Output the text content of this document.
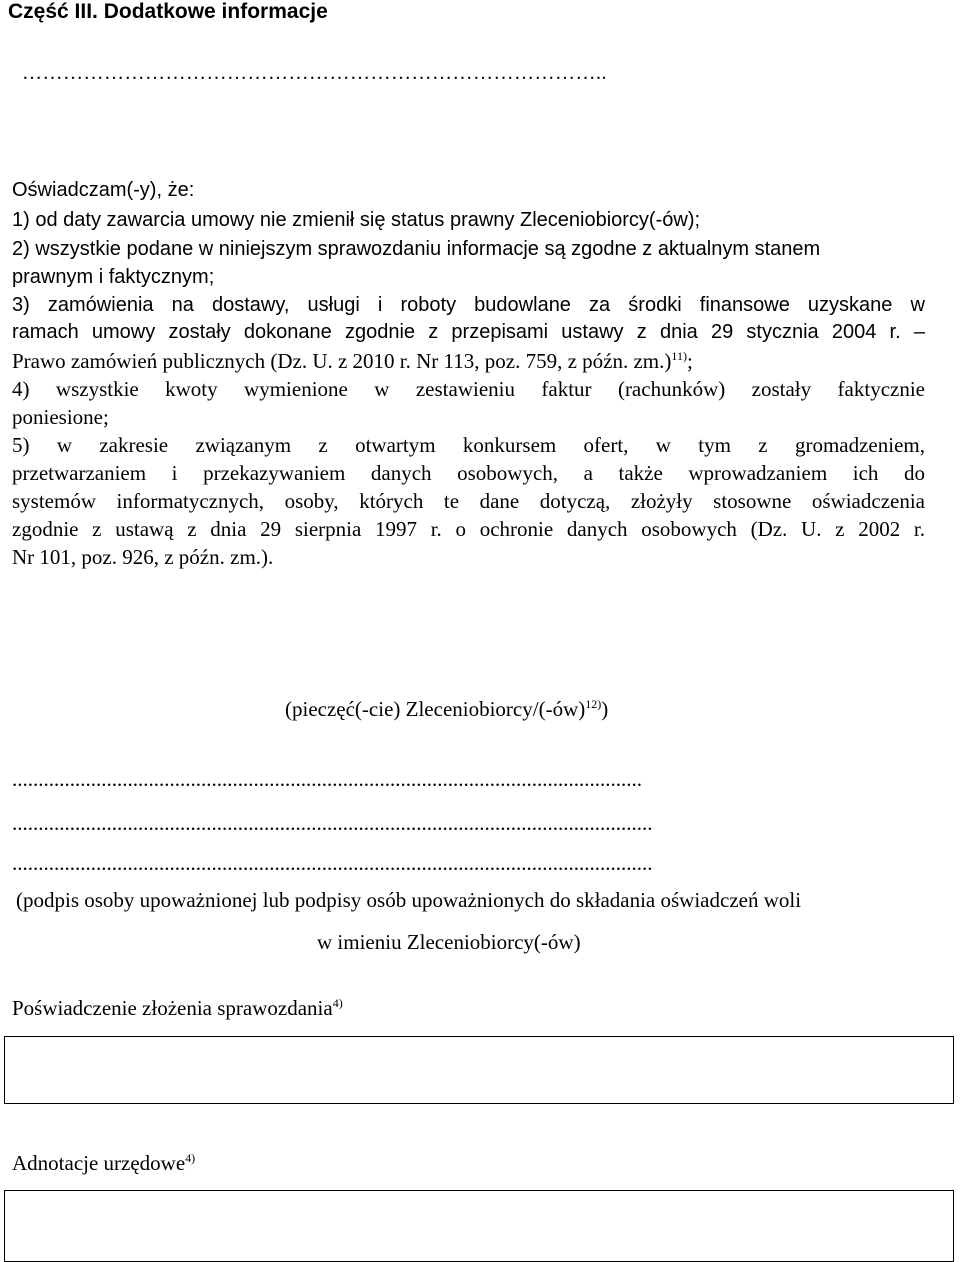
Część III. Dodatkowe informacje
…………………………………………………………………………..
Oświadczam(-y), że:
1) od daty zawarcia umowy nie zmienił się status prawny Zleceniobiorcy(-ów);
2) wszystkie podane w niniejszym sprawozdaniu informacje są zgodne z aktualnym stanem
prawnym i faktycznym;
3) zamówienia na dostawy, usługi i roboty budowlane za środki finansowe uzyskane w
ramach umowy zostały dokonane zgodnie z przepisami ustawy z dnia 29 stycznia 2004 r. –
Prawo zamówień publicznych (Dz. U. z 2010 r. Nr 113, poz. 759, z późn. zm.)$^{11)}$;
4) wszystkie kwoty wymienione w zestawieniu faktur (rachunków) zostały faktycznie
poniesione;
5) w zakresie związanym z otwartym konkursem ofert, w tym z gromadzeniem,
przetwarzaniem i przekazywaniem danych osobowych, a także wprowadzaniem ich do
systemów informatycznych, osoby, których te dane dotyczą, złożyły stosowne oświadczenia
zgodnie z ustawą z dnia 29 sierpnia 1997 r. o ochronie danych osobowych (Dz. U. z 2002 r.
Nr 101, poz. 926, z późn. zm.).
(pieczęć(-cie) Zleceniobiorcy/(-ów)$^{12)}$)
........................................................................................................................
..........................................................................................................................
..........................................................................................................................
(podpis osoby upoważnionej lub podpisy osób upoważnionych do składania oświadczeń woli
w imieniu Zleceniobiorcy(-ów)
Poświadczenie złożenia sprawozdania$^{4)}$
Adnotacje urzędowe$^{4)}$
